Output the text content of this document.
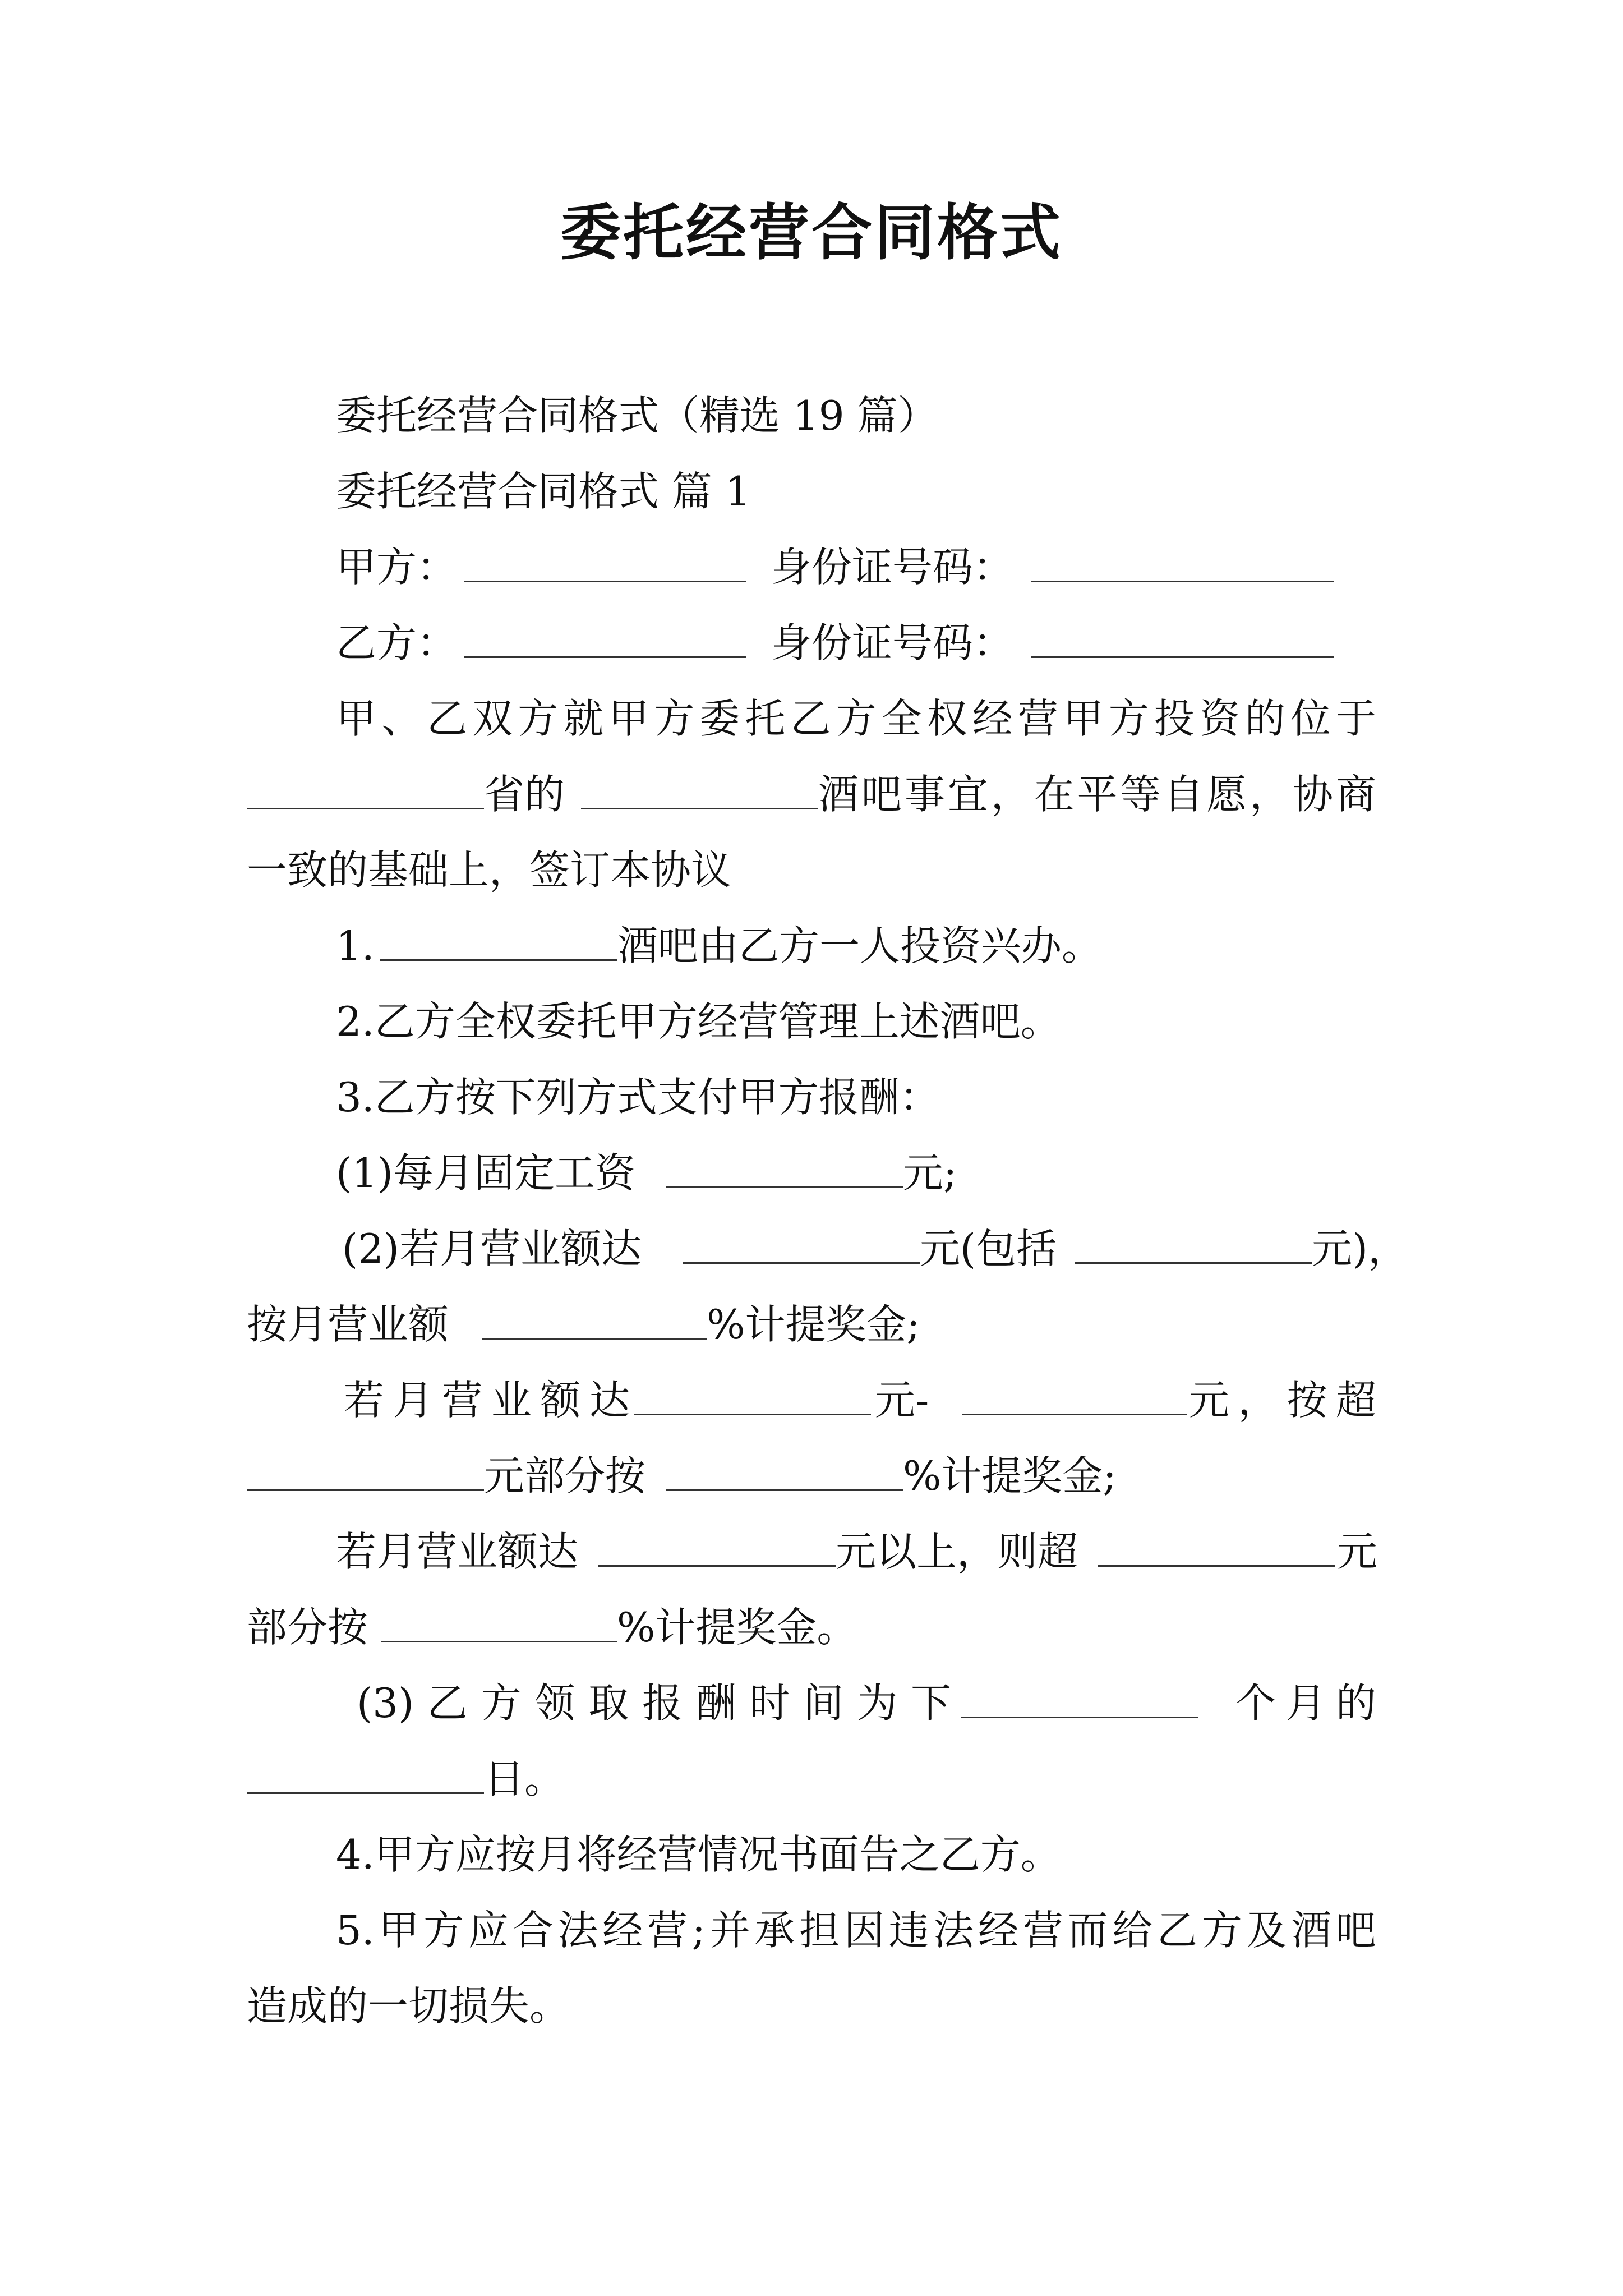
委托经营合同格式
委托经营合同格式（精选 19 篇）
委托经营合同格式 篇 1
甲方：	身份证号码：
乙方：	身份证号码：
甲、乙双方就甲方委托乙方全权经营甲方投资的位于
省的	酒吧事宜，在平等自愿，协商
一致的基础上，签订本协议
1.	酒吧由乙方一人投资兴办。
2.乙方全权委托甲方经营管理上述酒吧。
3.乙方按下列方式支付甲方报酬：
(1)每月固定工资	元;
(2)若月营业额达	元(包括	元)，
按月营业额	%计提奖金;
若月营业额达	元-	元，按超
元部分按	%计提奖金;
若月营业额达	元以上，则超	元
部分按	%计提奖金。
(3)乙方领取报酬时间为下	个月的
日。
4.甲方应按月将经营情况书面告之乙方。
5.甲方应合法经营;并承担因违法经营而给乙方及酒吧
造成的一切损失。
